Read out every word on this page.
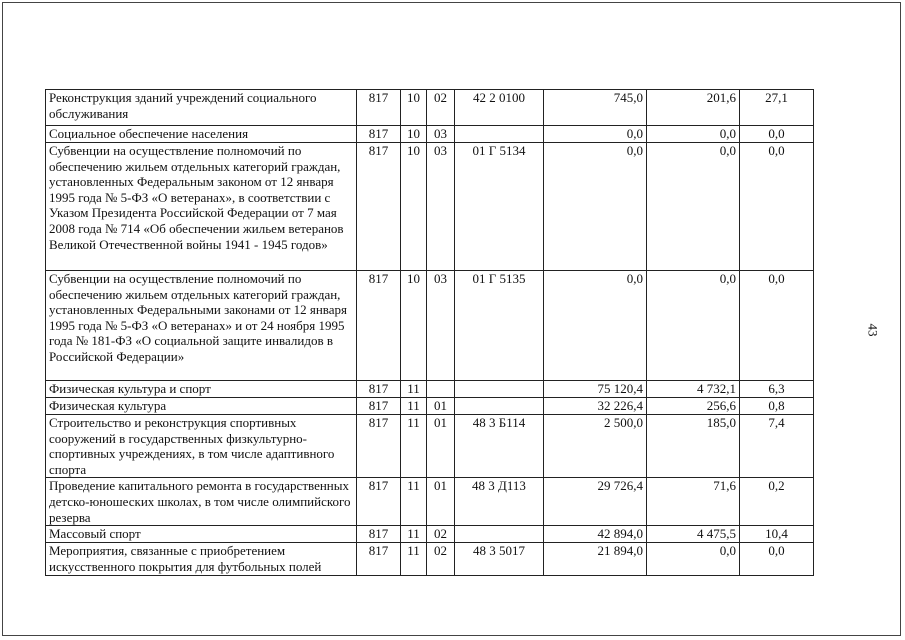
43
Реконструкция зданий учреждений социального обслуживания	817	10	02	42 2 0100	745,0	201,6	27,1
Социальное обеспечение населения	817	10	03		0,0	0,0	0,0
Субвенции на осуществление полномочий по обеспечению жильем отдельных категорий граждан, установленных Федеральным законом от 12 января 1995 года № 5-ФЗ «О ветеранах», в соответствии с Указом Президента Российской Федерации от 7 мая 2008 года № 714 «Об обеспечении жильем ветеранов Великой Отечественной войны 1941 - 1945 годов»	817	10	03	01 Г 5134	0,0	0,0	0,0
Субвенции на осуществление полномочий по обеспечению жильем отдельных категорий граждан, установленных Федеральными законами от 12 января 1995 года № 5-ФЗ «О ветеранах» и от 24 ноября 1995 года № 181-ФЗ «О социальной защите инвалидов в Российской Федерации»	817	10	03	01 Г 5135	0,0	0,0	0,0
Физическая культура и спорт	817	11			75 120,4	4 732,1	6,3
Физическая культура	817	11	01		32 226,4	256,6	0,8
Строительство и реконструкция спортивных сооружений в государственных физкультурно-спортивных учреждениях, в том числе адаптивного спорта	817	11	01	48 3 Б114	2 500,0	185,0	7,4
Проведение капитального ремонта в государственных детско-юношеских школах, в том числе олимпийского резерва	817	11	01	48 3 Д113	29 726,4	71,6	0,2
Массовый спорт	817	11	02		42 894,0	4 475,5	10,4
Мероприятия, связанные с приобретением искусственного покрытия для футбольных полей	817	11	02	48 3 5017	21 894,0	0,0	0,0
